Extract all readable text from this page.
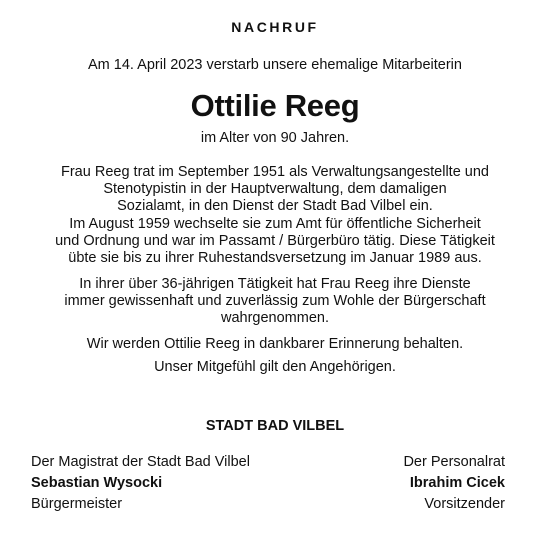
NACHRUF
Am 14. April 2023 verstarb unsere ehemalige Mitarbeiterin
Ottilie Reeg
im Alter von 90 Jahren.
Frau Reeg trat im September 1951 als Verwaltungsangestellte und
Stenotypistin in der Hauptverwaltung, dem damaligen
Sozialamt, in den Dienst der Stadt Bad Vilbel ein.
Im August 1959 wechselte sie zum Amt für öffentliche Sicherheit
und Ordnung und war im Passamt / Bürgerbüro tätig. Diese Tätigkeit
übte sie bis zu ihrer Ruhestandsversetzung im Januar 1989 aus.
In ihrer über 36-jährigen Tätigkeit hat Frau Reeg ihre Dienste
immer gewissenhaft und zuverlässig zum Wohle der Bürgerschaft
wahrgenommen.
Wir werden Ottilie Reeg in dankbarer Erinnerung behalten.
Unser Mitgefühl gilt den Angehörigen.
STADT BAD VILBEL
Der Magistrat der Stadt Bad Vilbel
Sebastian Wysocki
Bürgermeister
Der Personalrat
Ibrahim Cicek
Vorsitzender
